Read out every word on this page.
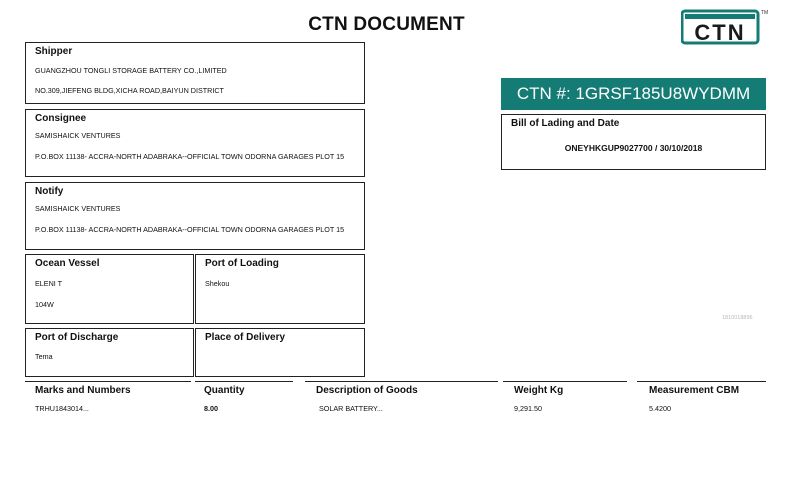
CTN DOCUMENT	CTN
TM
CTN #: 1GRSF185U8WYDMM
Shipper
GUANGZHOU TONGLI STORAGE BATTERY CO.,LIMITED
NO.309,JIEFENG BLDG,XICHA ROAD,BAIYUN DISTRICT
Consignee
SAMISHAICK VENTURES
P.O.BOX 11138- ACCRA-NORTH ADABRAKA--OFFICIAL TOWN ODORNA GARAGES PLOT 15
Notify
SAMISHAICK VENTURES
P.O.BOX 11138- ACCRA-NORTH ADABRAKA--OFFICIAL TOWN ODORNA GARAGES PLOT 15
Bill of Lading and Date
ONEYHKGUP9027700 / 30/10/2018
Ocean Vessel
ELENI T
104W
Port of Loading
Shekou
Port of Discharge
Tema
Place of Delivery
1810018896
Marks and Numbers	Quantity	Description of Goods	Weight Kg	Measurement CBM
TRHU1843014...	8.00	SOLAR BATTERY...	9,291.50	5.4200
